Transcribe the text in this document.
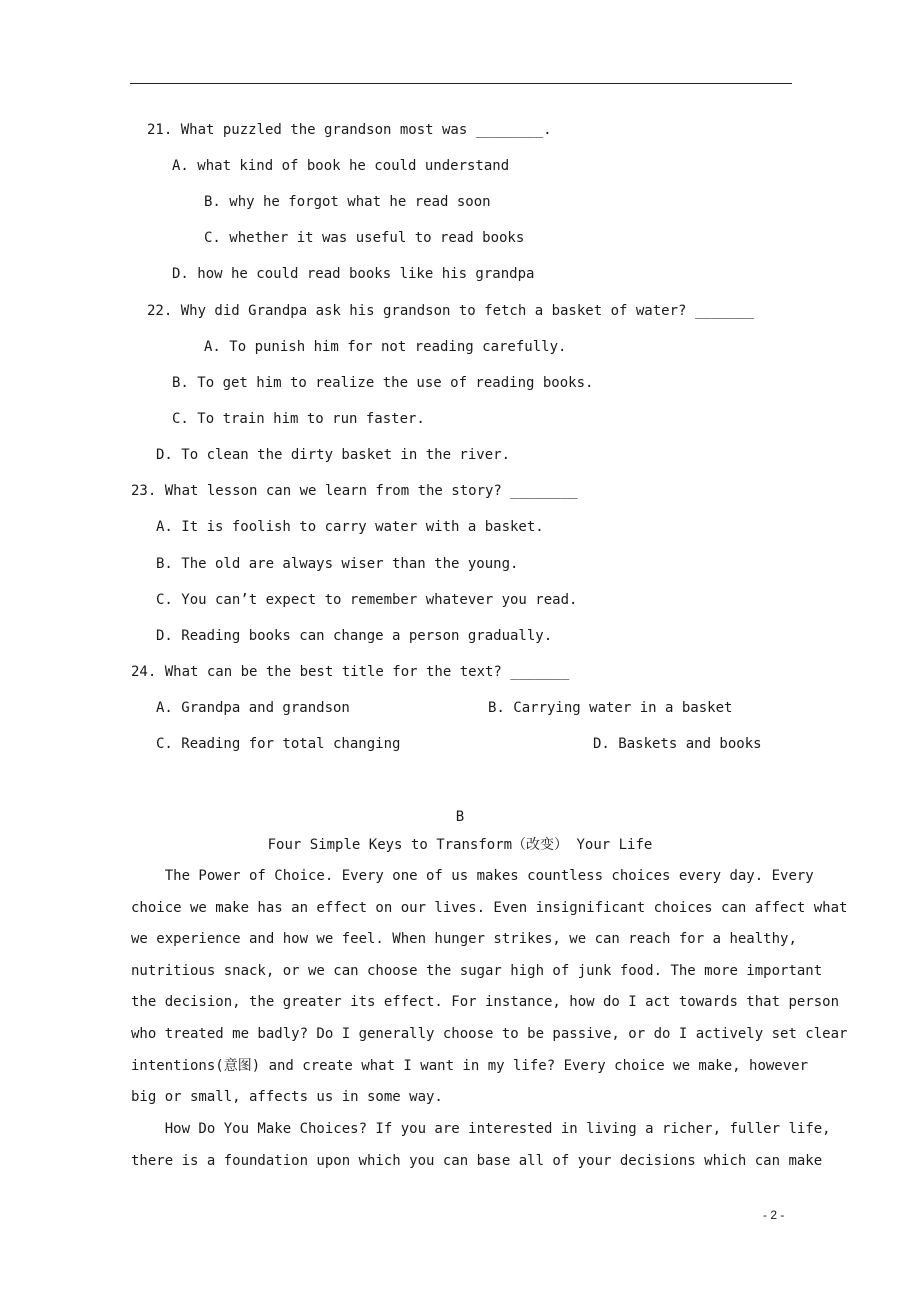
21. What puzzled the grandson most was ________.
A. what kind of book he could understand
B. why he forgot what he read soon
C. whether it was useful to read books
D. how he could read books like his grandpa
22. Why did Grandpa ask his grandson to fetch a basket of water? _______
A. To punish him for not reading carefully.
B. To get him to realize the use of reading books.
C. To train him to run faster.
D. To clean the dirty basket in the river.
23. What lesson can we learn from the story? ________
A. It is foolish to carry water with a basket.
B. The old are always wiser than the young.
C. You can’t expect to remember whatever you read.
D. Reading books can change a person gradually.
24. What can be the best title for the text? _______
A. Grandpa and grandson	B. Carrying water in a basket
C. Reading for total changing	D. Baskets and books
B
Four Simple Keys to Transform（改变） Your Life
The Power of Choice. Every one of us makes countless choices every day. Every
choice we make has an effect on our lives. Even insignificant choices can affect what
we experience and how we feel. When hunger strikes, we can reach for a healthy,
nutritious snack, or we can choose the sugar high of junk food. The more important
the decision, the greater its effect. For instance, how do I act towards that person
who treated me badly? Do I generally choose to be passive, or do I actively set clear
intentions(意图) and create what I want in my life? Every choice we make, however
big or small, affects us in some way.
How Do You Make Choices? If you are interested in living a richer, fuller life,
there is a foundation upon which you can base all of your decisions which can make
- 2 -
